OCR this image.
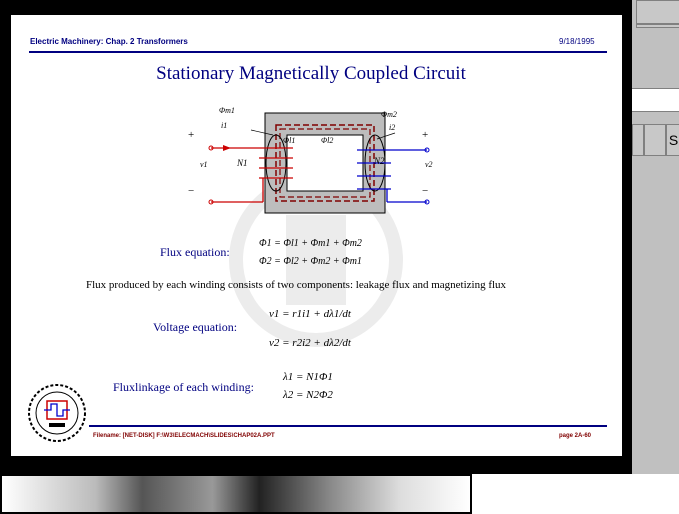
S
Electric Machinery: Chap. 2 Transformers	9/18/1995
Stationary Magnetically Coupled Circuit
Φm1
i1
Φm2
i2
Φl1	Φl2
v1	N1	N2	v2
+
−
+
−
Flux equation:
Φ1 = Φl1 + Φm1 + Φm2
Φ2 = Φl2 + Φm2 + Φm1
Flux produced by each winding consists of two components: leakage flux and magnetizing flux
Voltage equation:
v1 = r1i1 + dλ1/dt
v2 = r2i2 + dλ2/dt
Fluxlinkage of each winding:
λ1 = N1Φ1
λ2 = N2Φ2
Filename: [NET-DISK] F:\W3\ELECMACH\SLIDES\CHAP02A.PPT	page 2A-60
